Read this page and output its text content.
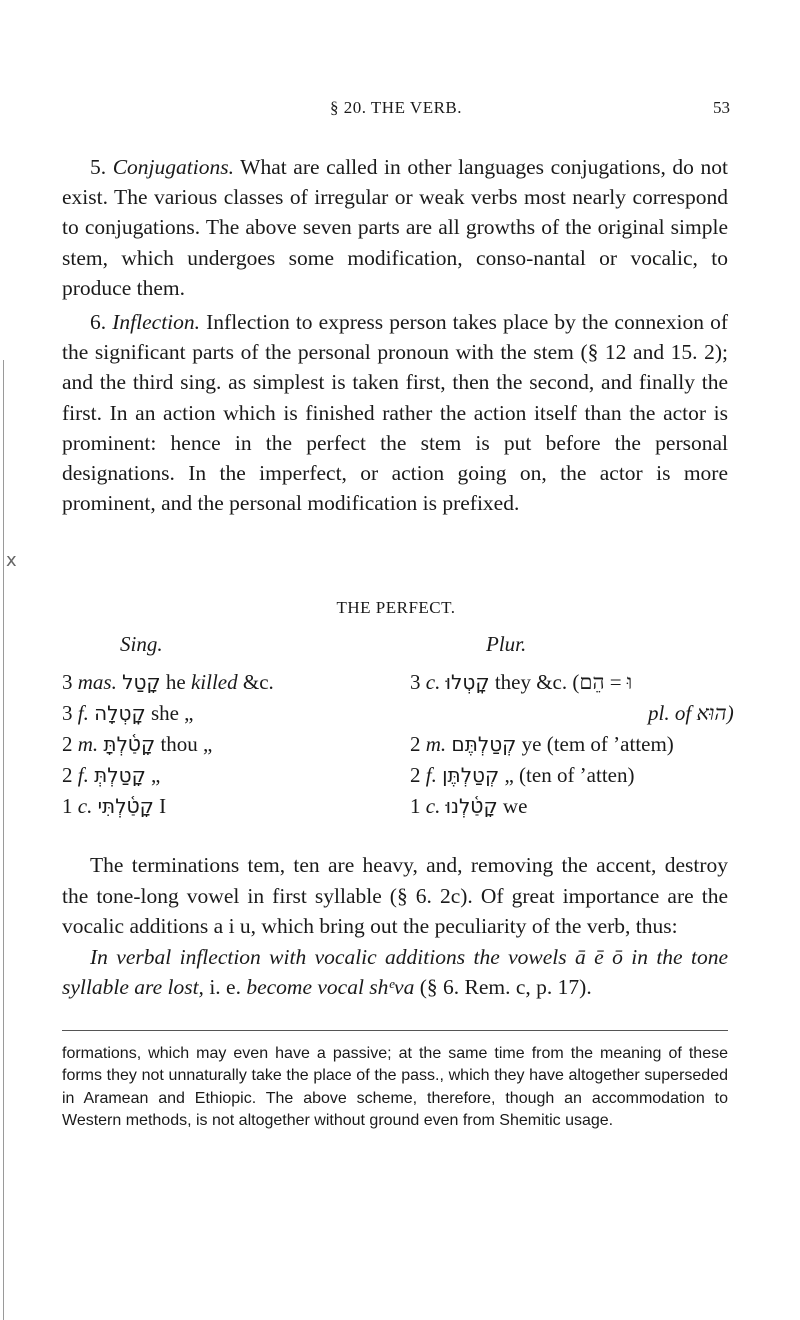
§ 20. THE VERB.	53

5. Conjugations. What are called in other languages conjugations, do not exist. The various classes of irregular or weak verbs most nearly correspond to conjugations. The above seven parts are all growths of the original simple stem, which undergoes some modification, conso-nantal or vocalic, to produce them.

6. Inflection. Inflection to express person takes place by the connexion of the significant parts of the personal pronoun with the stem (§ 12 and 15. 2); and the third sing. as simplest is taken first, then the second, and finally the first. In an action which is finished rather the action itself than the actor is prominent: hence in the perfect the stem is put before the personal designations. In the imperfect, or action going on, the actor is more prominent, and the personal modification is prefixed.

THE PERFECT.
Sing.	Plur.
3 mas. קָטַל he killed &c.
3 f. קָֽטְלָה she „
2 m. קָטַ֫לְתָּ thou „
2 f. קָטַלְתְּ „
1 c. קָטַ֫לְתִּי I
3 c. קָֽטְלוּ they &c. (וּ = הֵם
pl. of הוּא)
2 m. קְטַלְתֶּם ye (tem of ʼattem)
2 f. קְטַלְתֶּן „ (ten of ʼatten)
1 c. קָטַ֫לְנוּ we

The terminations tem, ten are heavy, and, removing the accent, destroy the tone-long vowel in first syllable (§ 6. 2c). Of great importance are the vocalic additions a i u, which bring out the peculiarity of the verb, thus:

In verbal inflection with vocalic additions the vowels ā ē ō in the tone syllable are lost, i. e. become vocal shᵉva (§ 6. Rem. c, p. 17).

formations, which may even have a passive; at the same time from the meaning of these forms they not unnaturally take the place of the pass., which they have altogether superseded in Aramean and Ethiopic. The above scheme, therefore, though an accommodation to Western methods, is not altogether without ground even from Shemitic usage.
x
